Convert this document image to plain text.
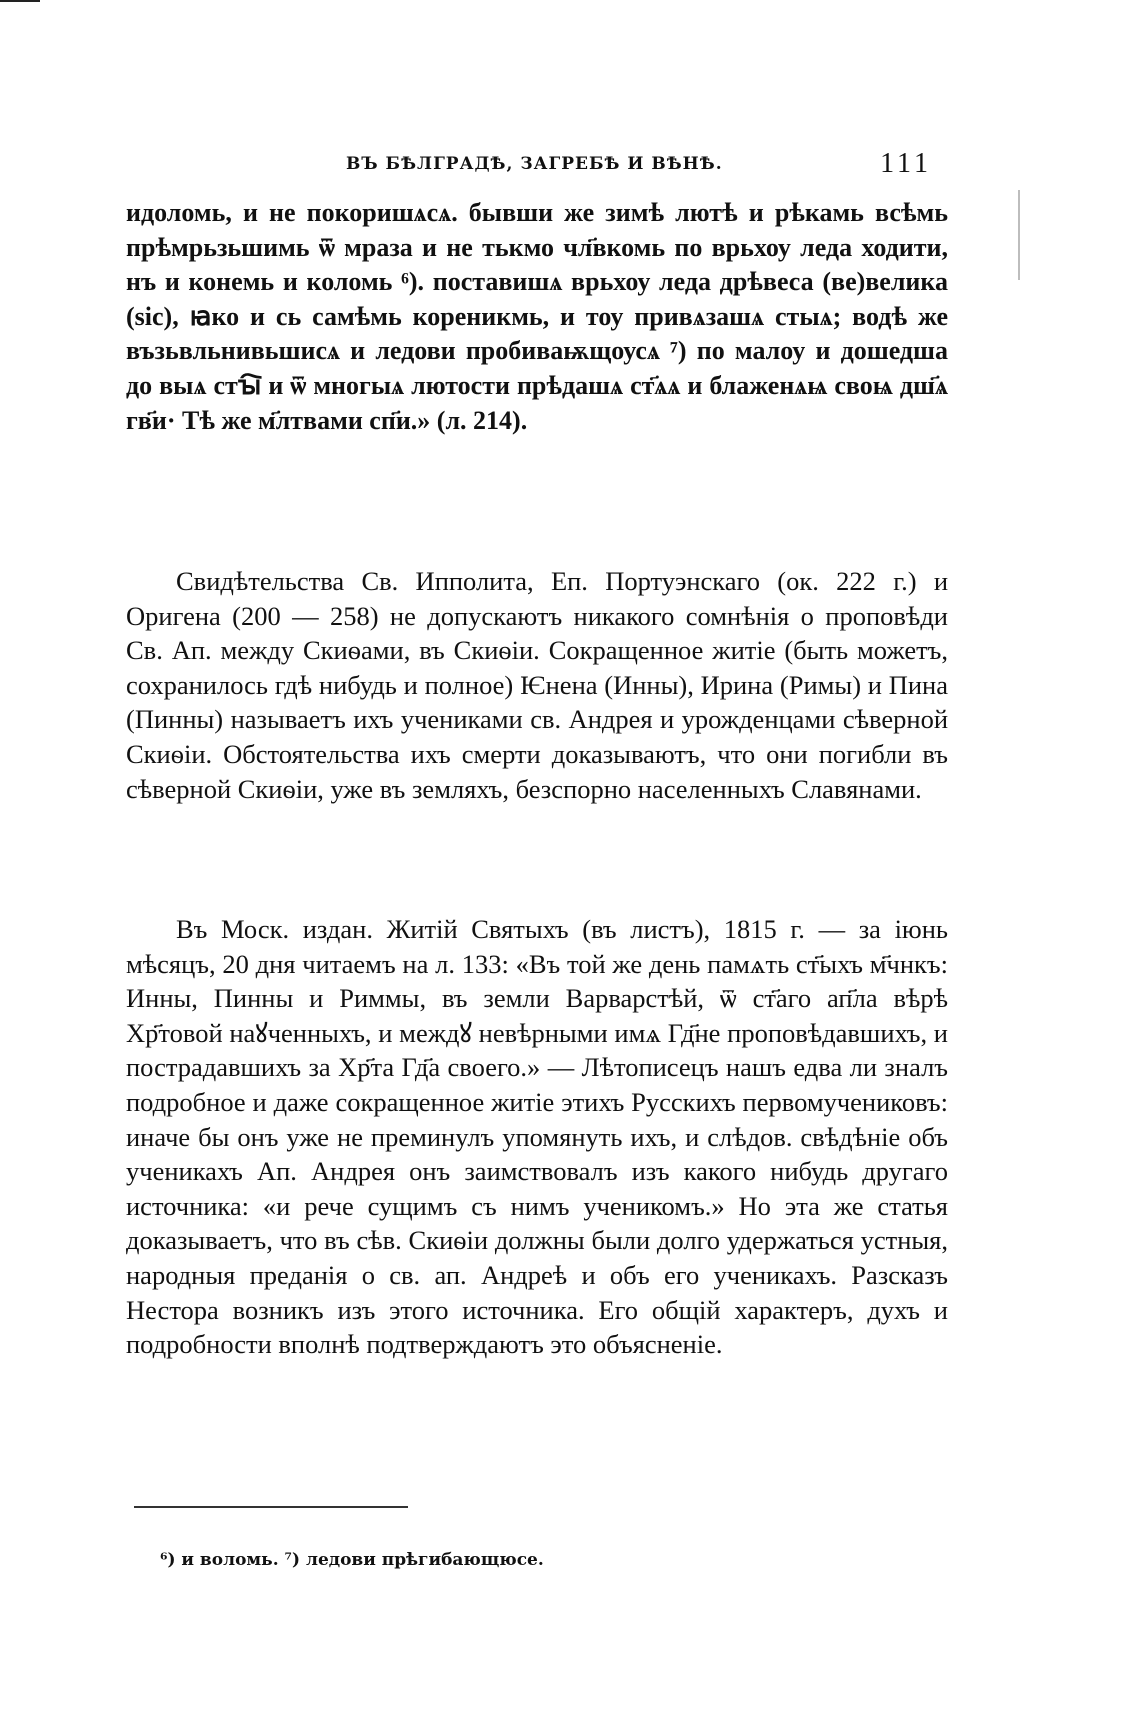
ВЪ БѢЛГРАДѢ, ЗАГРЕБѢ И ВѢНѢ.	111

идоломь, и не покоришѧсѧ. бывши же зимѣ лютѣ и рѣкамь всѣмь прѣмрьзьшимь ѿ мраза и не тькмо чл҃вкомь по врьхоу леда ходити, нъ и конемь и коломь ⁶). поставишѧ врьхоу леда дрѣвеса (ве)велика (sic), ꙗко и сь самѣмь кореникмь, и тоу привѧзашѧ стыѧ; водѣ же възьвльнивьшисѧ и ледови пробиваѭщоусѧ ⁷) по малоу и дошедша до выѧ стꙑ҇ и ѿ многыѧ лютости прѣдашѧ ст҃ѧѧ и блаженѧѩ своѩ дш҃ѧ гв҃и· Тѣ же м҃лтвами сп҃и.» (л. 214).

Свидѣтельства Св. Ипполита, Еп. Портуэнскаго (ок. 222 г.) и Оригена (200 — 258) не допускаютъ никакого сомнѣнія о проповѣди Св. Ап. между Скиѳами, въ Скиѳіи. Сокращенное житіе (быть можетъ, сохранилось гдѣ нибудь и полное) Ѥнена (Инны), Ирина (Римы) и Пина (Пинны) называетъ ихъ учениками св. Андрея и урожденцами сѣверной Скиѳіи. Обстоятельства ихъ смерти доказываютъ, что они погибли въ сѣверной Скиѳіи, уже въ земляхъ, безспорно населенныхъ Славянами.

Въ Моск. издан. Житій Святыхъ (въ листъ), 1815 г. — за іюнь мѣсяцъ, 20 дня читаемъ на л. 133: «Въ той же день памѧть ст҃ыхъ м҃чнкъ: Инны, Пинны и Риммы, въ земли Варварстѣй, ѿ ст҃аго ап҃ла вѣрѣ Хр҃товой наꙋченныхъ, и междꙋ невѣрными имѧ Гд҃не проповѣдавшихъ, и пострадавшихъ за Хр҃та Гд҃а своего.» — Лѣтописецъ нашъ едва ли зналъ подробное и даже сокращенное житіе этихъ Русскихъ первомучениковъ: иначе бы онъ уже не преминулъ упомянуть ихъ, и слѣдов. свѣдѣніе объ ученикахъ Ап. Андрея онъ заимствовалъ изъ какого нибудь другаго источника: «и рече сущимъ съ нимъ ученикомъ.» Но эта же статья доказываетъ, что въ сѣв. Скиѳіи должны были долго удержаться устныя, народныя преданія о св. ап. Андреѣ и объ его ученикахъ. Разсказъ Нестора возникъ изъ этого источника. Его общій характеръ, духъ и подробности вполнѣ подтверждаютъ это объясненіе.

⁶) и воломь. ⁷) ледови прѣгибающюсе.
